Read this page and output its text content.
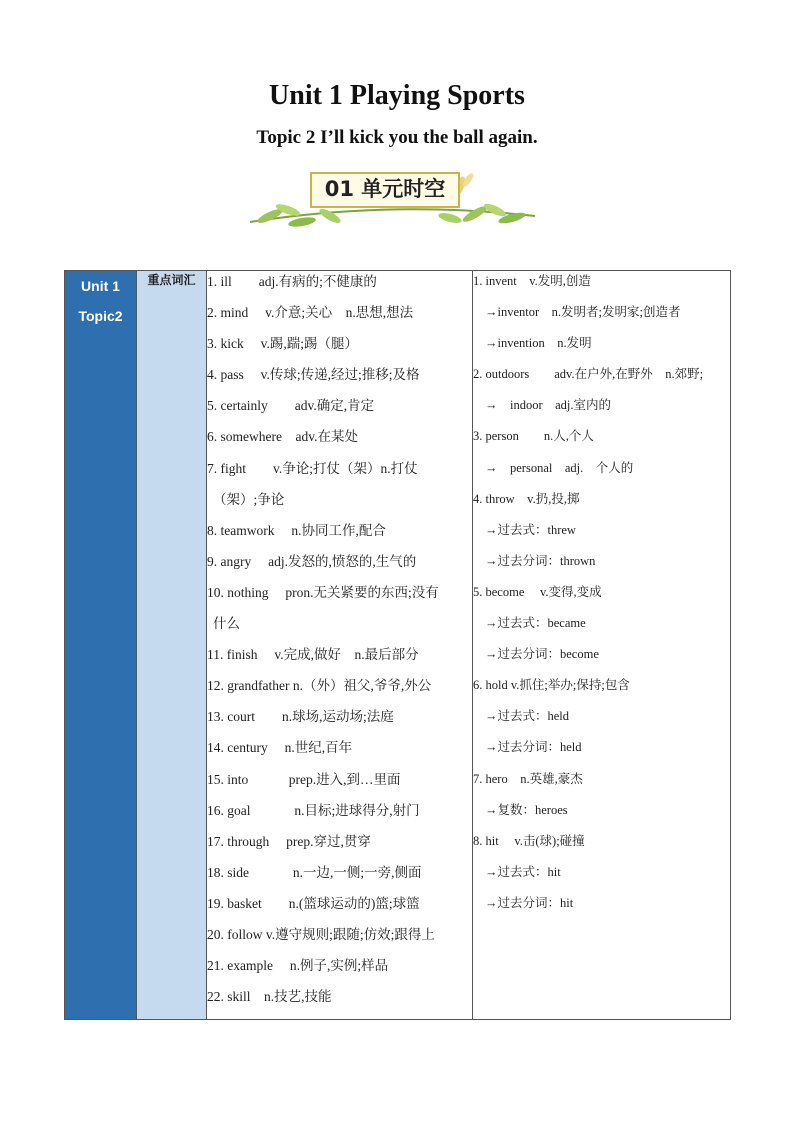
Unit 1 Playing Sports
Topic 2 I’ll kick you the ball again.
01 单元时空
Unit 1
Topic2
	重点词汇	1. ill　　adj.有病的;不健康的
2. mind　 v.介意;关心　n.思想,想法
3. kick　 v.踢,踹;踢（腿）
4. pass　 v.传球;传递,经过;推移;及格
5. certainly　　adv.确定,肯定
6. somewhere　adv.在某处
7. fight　　v.争论;打仗（架）n.打仗
（架）;争论
8. teamwork　 n.协同工作,配合
9. angry　 adj.发怒的,愤怒的,生气的
10. nothing　 pron.无关紧要的东西;没有
什么
11. finish　 v.完成,做好　n.最后部分
12. grandfather n.（外）祖父,爷爷,外公
13. court　　n.球场,运动场;法庭
14. century　 n.世纪,百年
15. into　　　prep.进入,到…里面
16. goal　　　 n.目标;进球得分,射门
17. through　 prep.穿过,贯穿
18. side　　　 n.一边,一侧;一旁,侧面
19. basket　　n.(篮球运动的)篮;球篮
20. follow v.遵守规则;跟随;仿效;跟得上
21. example　 n.例子,实例;样品
22. skill　n.技艺,技能

1. invent　v.发明,创造
→inventor　n.发明者;发明家;创造者
→invention　n.发明
2. outdoors　　adv.在户外,在野外　n.郊野;
→　indoor　adj.室内的
3. person　　n.人,个人
→　personal　adj.　个人的
4. throw　v.扔,投,掷
→过去式：threw
→过去分词：thrown
5. become　 v.变得,变成
→过去式：became
→过去分词：become
6. hold v.抓住;举办;保持;包含
→过去式：held
→过去分词：held
7. hero　n.英雄,豪杰
→复数：heroes
8. hit　 v.击(球);碰撞
→过去式：hit
→过去分词：hit
